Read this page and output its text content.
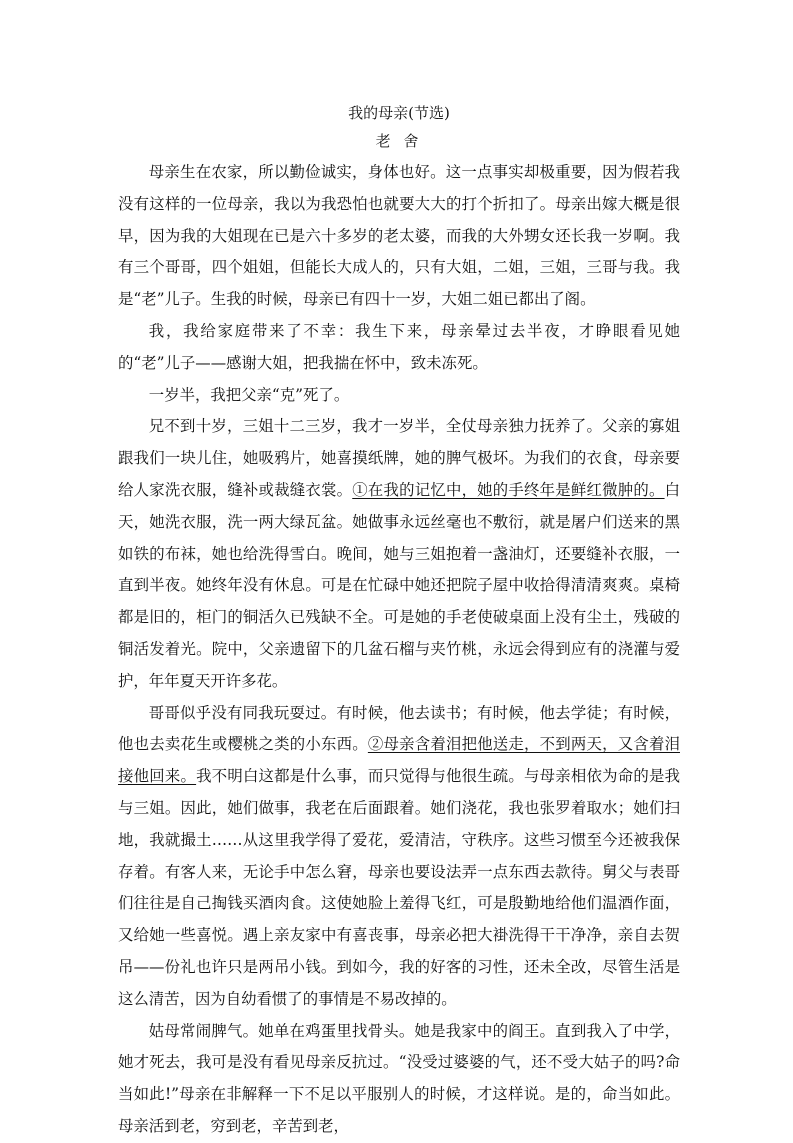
我的母亲(节选)
老 舍

母亲生在农家，所以勤俭诚实，身体也好。这一点事实却极重要，因为假若我没有这样的一位母亲，我以为我恐怕也就要大大的打个折扣了。母亲出嫁大概是很早，因为我的大姐现在已是六十多岁的老太婆，而我的大外甥女还长我一岁啊。我有三个哥哥，四个姐姐，但能长大成人的，只有大姐，二姐，三姐，三哥与我。我是“老”儿子。生我的时候，母亲已有四十一岁，大姐二姐已都出了阁。

我，我给家庭带来了不幸：我生下来，母亲晕过去半夜，才睁眼看见她的“老”儿子——感谢大姐，把我揣在怀中，致未冻死。

一岁半，我把父亲“克”死了。

兄不到十岁，三姐十二三岁，我才一岁半，全仗母亲独力抚养了。父亲的寡姐跟我们一块儿住，她吸鸦片，她喜摸纸牌，她的脾气极坏。为我们的衣食，母亲要给人家洗衣服，缝补或裁缝衣裳。①在我的记忆中，她的手终年是鲜红微肿的。白天，她洗衣服，洗一两大绿瓦盆。她做事永远丝毫也不敷衍，就是屠户们送来的黑如铁的布袜，她也给洗得雪白。晚间，她与三姐抱着一盏油灯，还要缝补衣服，一直到半夜。她终年没有休息。可是在忙碌中她还把院子屋中收拾得清清爽爽。桌椅都是旧的，柜门的铜活久已残缺不全。可是她的手老使破桌面上没有尘土，残破的铜活发着光。院中，父亲遗留下的几盆石榴与夹竹桃，永远会得到应有的浇灌与爱护，年年夏天开许多花。

哥哥似乎没有同我玩耍过。有时候，他去读书；有时候，他去学徒；有时候，他也去卖花生或樱桃之类的小东西。②母亲含着泪把他送走，不到两天，又含着泪接他回来。我不明白这都是什么事，而只觉得与他很生疏。与母亲相依为命的是我与三姐。因此，她们做事，我老在后面跟着。她们浇花，我也张罗着取水；她们扫地，我就撮土……从这里我学得了爱花，爱清洁，守秩序。这些习惯至今还被我保存着。有客人来，无论手中怎么窘，母亲也要设法弄一点东西去款待。舅父与表哥们往往是自己掏钱买酒肉食。这使她脸上羞得飞红，可是殷勤地给他们温酒作面，又给她一些喜悦。遇上亲友家中有喜丧事，母亲必把大褂洗得干干净净，亲自去贺吊——份礼也许只是两吊小钱。到如今，我的好客的习性，还未全改，尽管生活是这么清苦，因为自幼看惯了的事情是不易改掉的。

姑母常闹脾气。她单在鸡蛋里找骨头。她是我家中的阎王。直到我入了中学，她才死去，我可是没有看见母亲反抗过。“没受过婆婆的气，还不受大姑子的吗?命当如此!”母亲在非解释一下不足以平服别人的时候，才这样说。是的，命当如此。母亲活到老，穷到老，辛苦到老，
